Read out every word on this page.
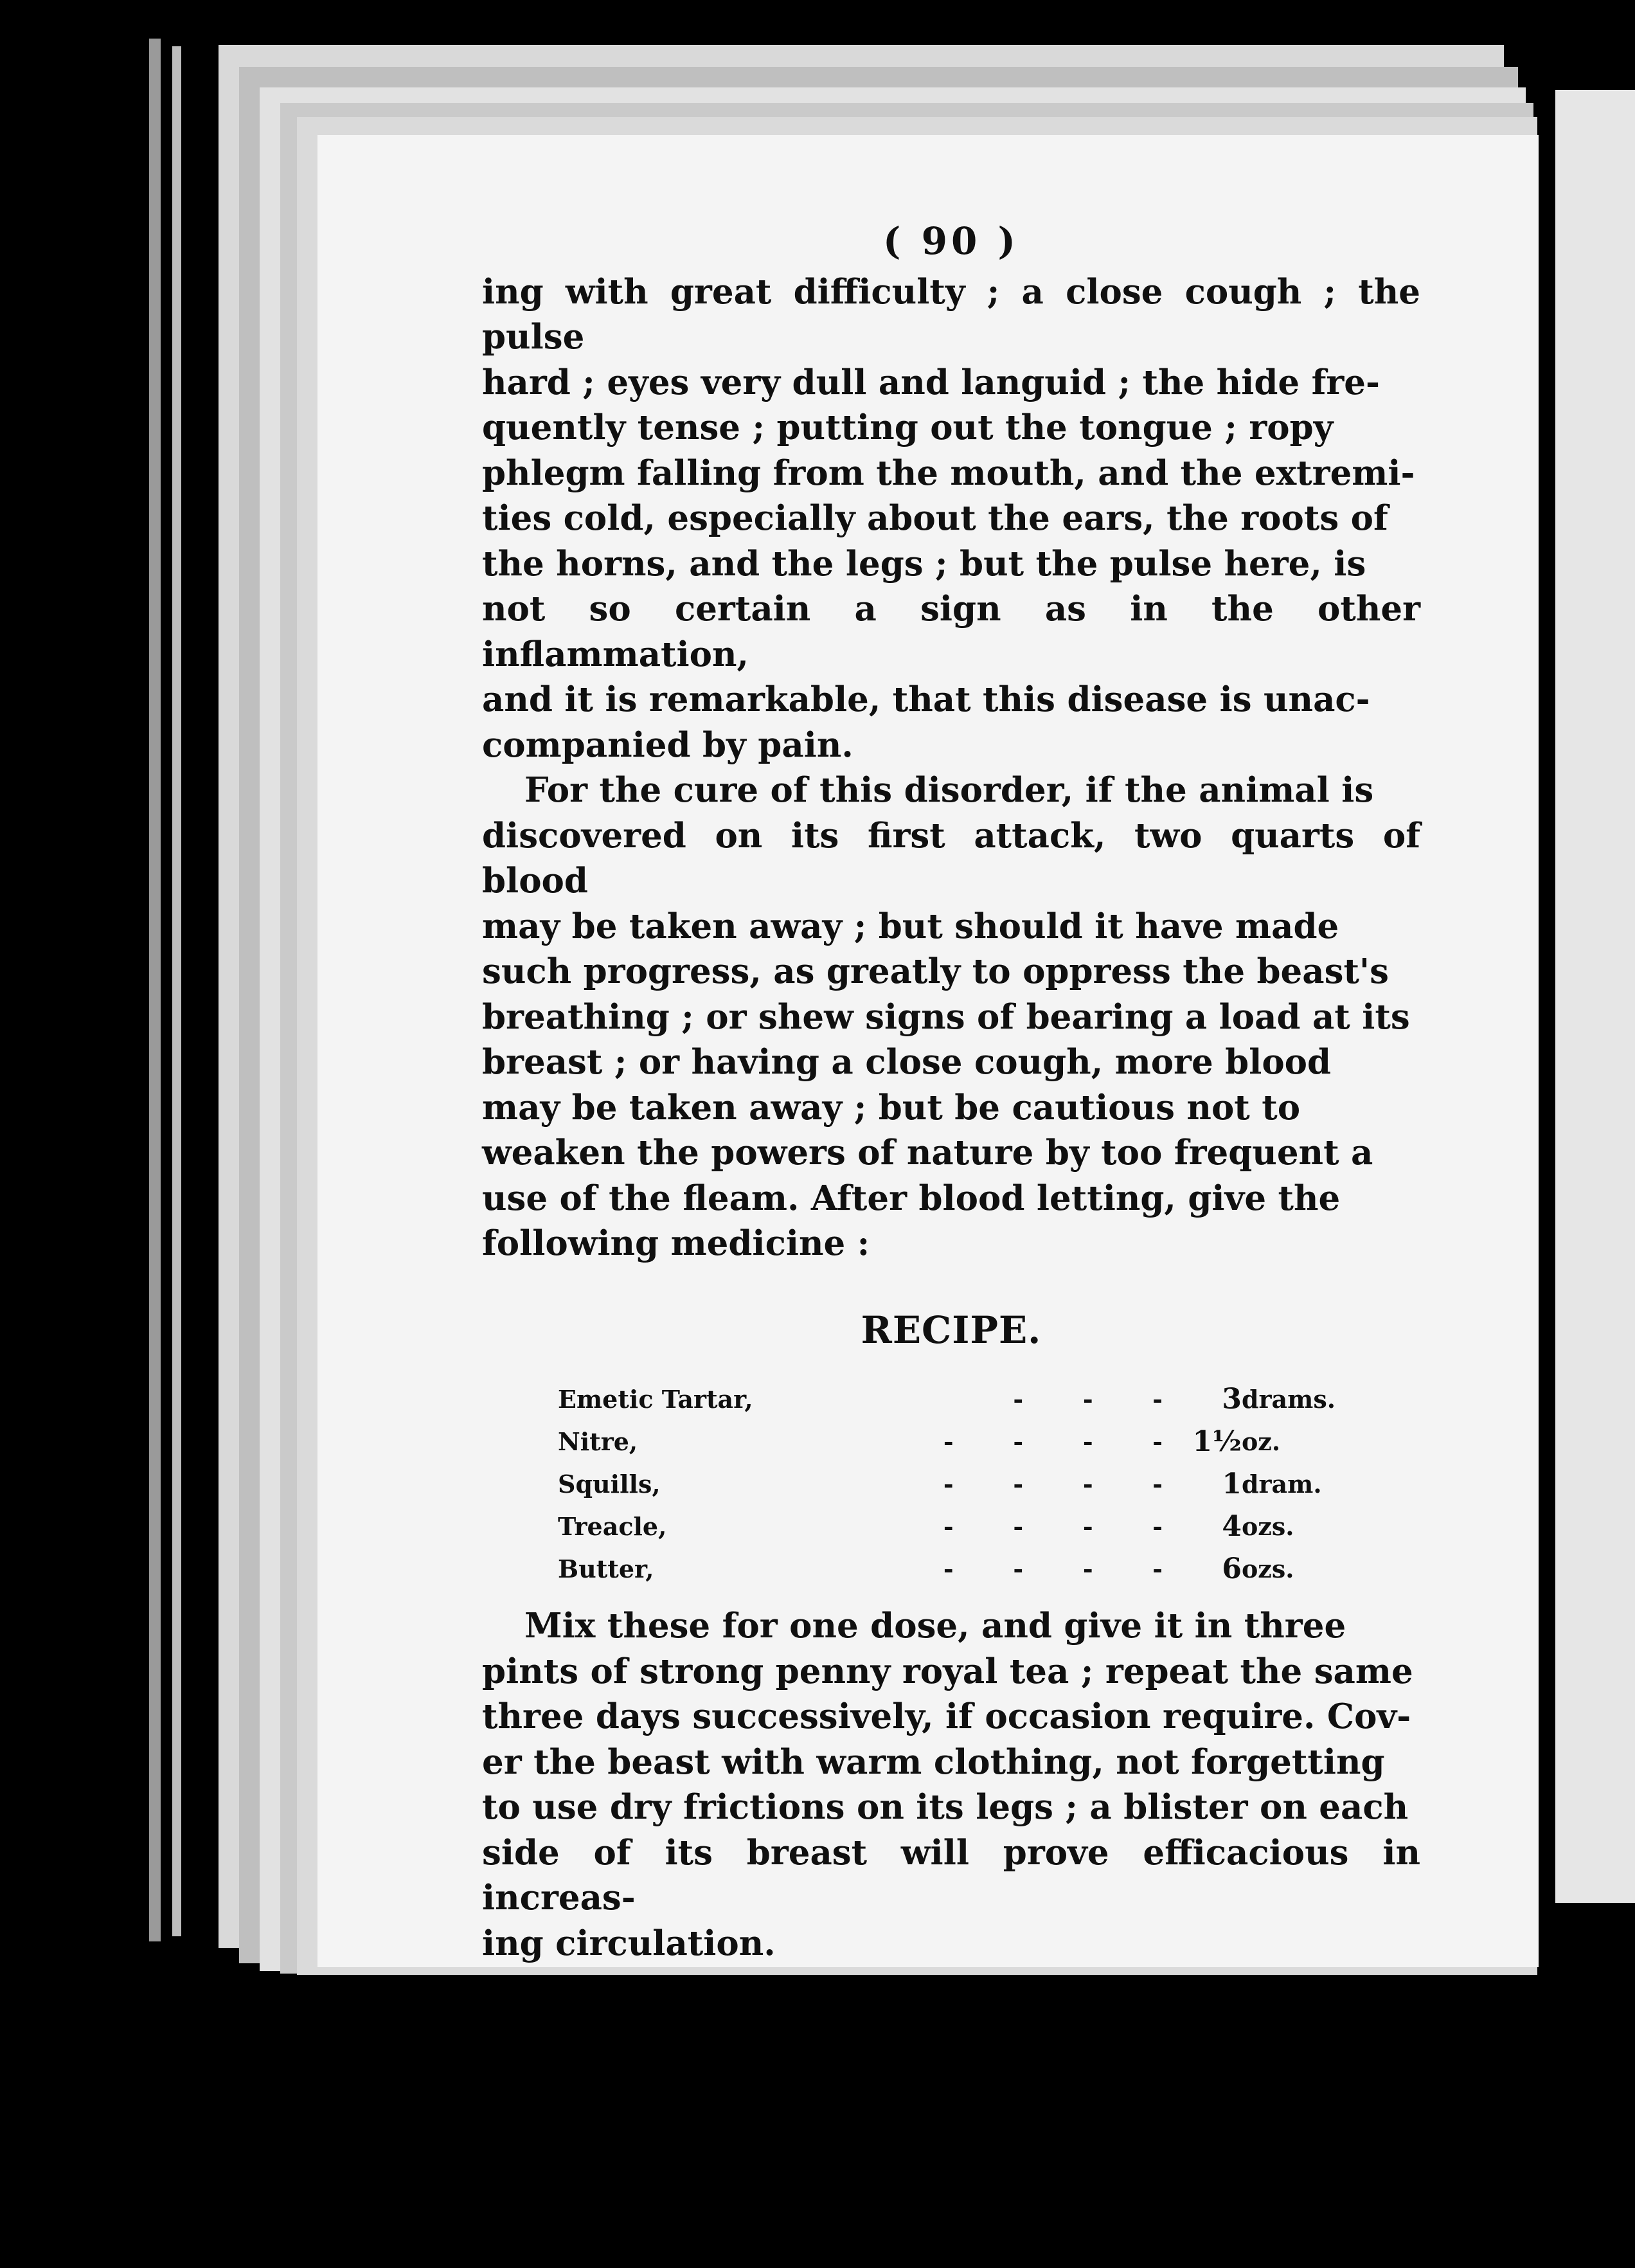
( 90 )

ing with great difficulty ; a close cough ; the pulse

hard ; eyes very dull and languid ; the hide fre-

quently tense ; putting out the tongue ; ropy

phlegm falling from the mouth, and the extremi-

ties cold, especially about the ears, the roots of

the horns, and the legs ; but the pulse here, is

not so certain a sign as in the other inflammation,

and it is remarkable, that this disease is unac-

companied by pain.

For the cure of this disorder, if the animal is

discovered on its first attack, two quarts of blood

may be taken away ; but should it have made

such progress, as greatly to oppress the beast's

breathing ; or shew signs of bearing a load at its

breast ; or having a close cough, more blood

may be taken away ; but be cautious not to

weaken the powers of nature by too frequent a

use of the fleam. After blood letting, give the

following medicine :

RECIPE.
Emetic Tartar,		-	-	-	3	drams.
Nitre,	-	-	-	-	1½	oz.
Squills,	-	-	-	-	1	dram.
Treacle,	-	-	-	-	4	ozs.
Butter,	-	-	-	-	6	ozs.

Mix these for one dose, and give it in three

pints of strong penny royal tea ; repeat the same

three days successively, if occasion require. Cov-

er the beast with warm clothing, not forgetting

to use dry frictions on its legs ; a blister on each

side of its breast will prove efficacious in increas-

ing circulation.
